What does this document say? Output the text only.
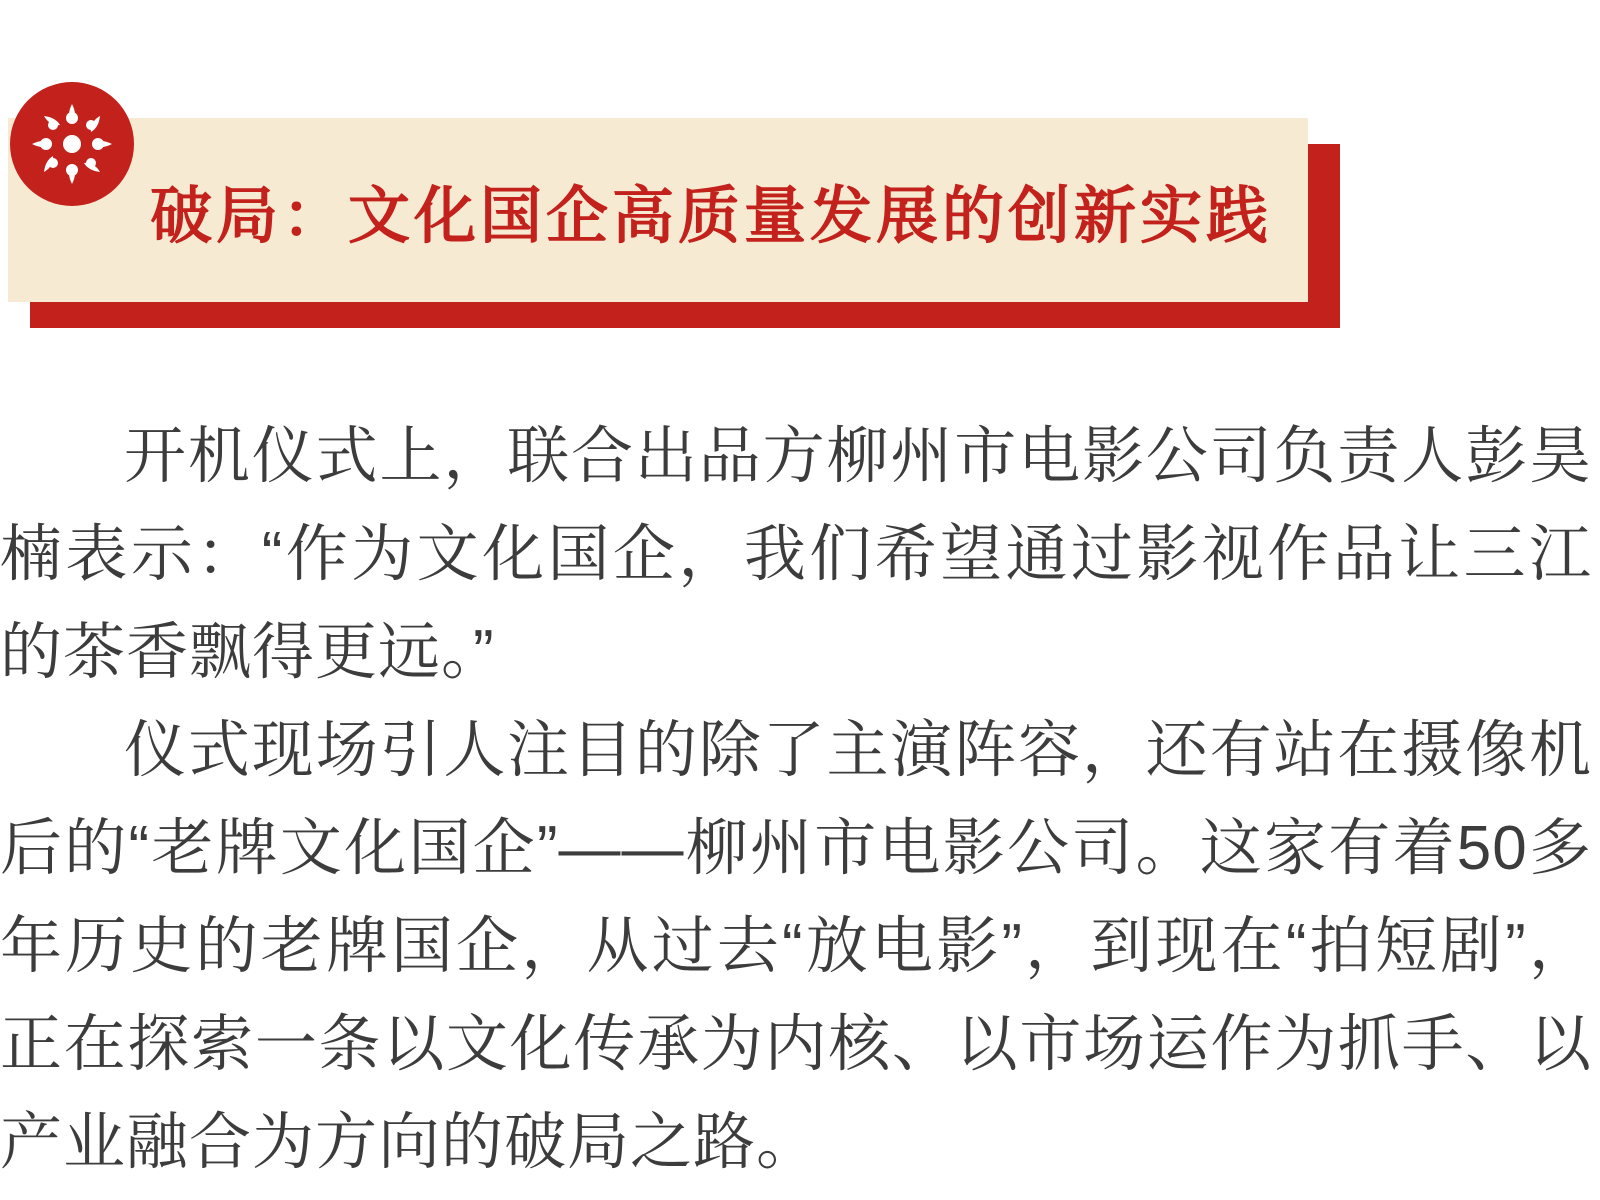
破局：文化国企高质量发展的创新实践

开机仪式上，联合出品方柳州市电影公司负责人彭昊楠表示：“作为文化国企，我们希望通过影视作品让三江的茶香飘得更远。”

仪式现场引人注目的除了主演阵容，还有站在摄像机后的“老牌文化国企”——柳州市电影公司。这家有着50多年历史的老牌国企，从过去“放电影”，到现在“拍短剧”，正在探索一条以文化传承为内核、以市场运作为抓手、以产业融合为方向的破局之路。
